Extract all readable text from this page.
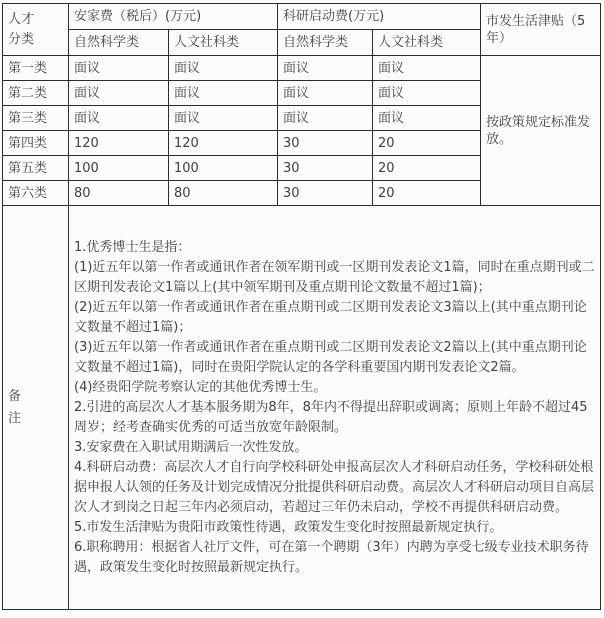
人才分类	安家费（税后）(万元)		科研启动费(万元)		市发生活津贴（5年）
	自然科学类	人文社科类	自然科学类	人文社科类	
第一类	面议	面议	面议	面议	按政策规定标准发放。
第二类	面议	面议	面议	面议	
第三类	面议	面议	面议	面议	
第四类	120	120	30	20	
第五类	100	100	30	20	
第六类	80	80	30	20	
备注	
1.优秀博士生是指：
(1)近五年以第一作者或通讯作者在领军期刊或一区期刊发表论文1篇，同时在重点期刊或二区期刊发表论文1篇以上(其中领军期刊及重点期刊论文数量不超过1篇)；
(2)近五年以第一作者或通讯作者在重点期刊或二区期刊发表论文3篇以上(其中重点期刊论文数量不超过1篇)；
(3)近五年以第一作者或通讯作者在重点期刊或二区期刊发表论文2篇以上(其中重点期刊论文数量不超过1篇)，同时在贵阳学院认定的各学科重要国内期刊发表论文2篇。
(4)经贵阳学院考察认定的其他优秀博士生。
2.引进的高层次人才基本服务期为8年，8年内不得提出辞职或调离；原则上年龄不超过45周岁；经考查确实优秀的可适当放宽年龄限制。
3.安家费在入职试用期满后一次性发放。
4.科研启动费：高层次人才自行向学校科研处申报高层次人才科研启动任务，学校科研处根据申报人认领的任务及计划完成情况分批提供科研启动费。高层次人才科研启动项目自高层次人才到岗之日起三年内必须启动，若超过三年仍未启动，学校不再提供科研启动费。
5.市发生活津贴为贵阳市政策性待遇，政策发生变化时按照最新规定执行。
6.职称聘用：根据省人社厅文件，可在第一个聘期（3年）内聘为享受七级专业技术职务待遇，政策发生变化时按照最新规定执行。
